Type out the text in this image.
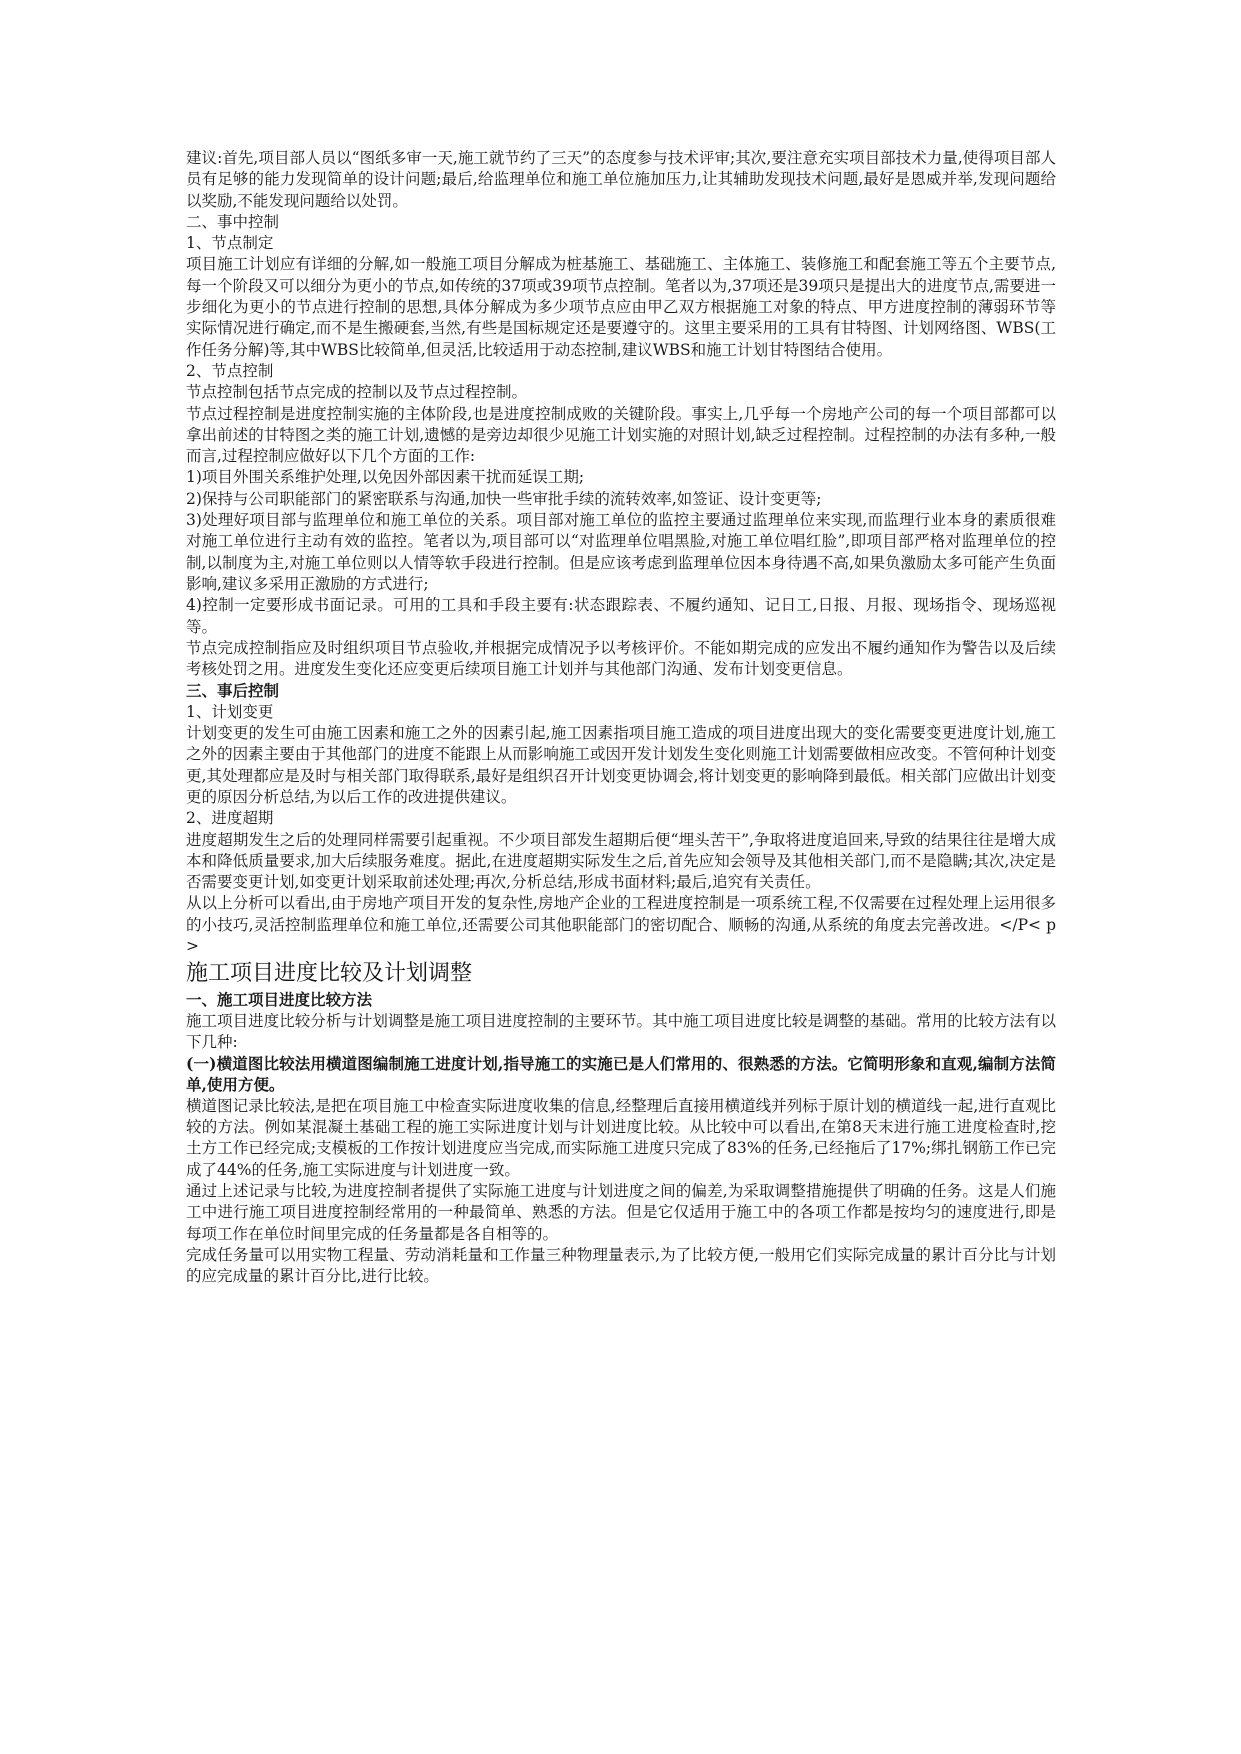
建议:首先,项目部人员以“图纸多审一天,施工就节约了三天”的态度参与技术评审;其次,要注意充实项目部技术力量,使得项目部人员有足够的能力发现简单的设计问题;最后,给监理单位和施工单位施加压力,让其辅助发现技术问题,最好是恩威并举,发现问题给以奖励,不能发现问题给以处罚。

二、事中控制

1、节点制定

项目施工计划应有详细的分解,如一般施工项目分解成为桩基施工、基础施工、主体施工、装修施工和配套施工等五个主要节点,每一个阶段又可以细分为更小的节点,如传统的37项或39项节点控制。笔者以为,37项还是39项只是提出大的进度节点,需要进一步细化为更小的节点进行控制的思想,具体分解成为多少项节点应由甲乙双方根据施工对象的特点、甲方进度控制的薄弱环节等实际情况进行确定,而不是生搬硬套,当然,有些是国标规定还是要遵守的。这里主要采用的工具有甘特图、计划网络图、WBS(工作任务分解)等,其中WBS比较简单,但灵活,比较适用于动态控制,建议WBS和施工计划甘特图结合使用。

2、节点控制

节点控制包括节点完成的控制以及节点过程控制。

节点过程控制是进度控制实施的主体阶段,也是进度控制成败的关键阶段。事实上,几乎每一个房地产公司的每一个项目部都可以拿出前述的甘特图之类的施工计划,遗憾的是旁边却很少见施工计划实施的对照计划,缺乏过程控制。过程控制的办法有多种,一般而言,过程控制应做好以下几个方面的工作:

1)项目外围关系维护处理,以免因外部因素干扰而延误工期;

2)保持与公司职能部门的紧密联系与沟通,加快一些审批手续的流转效率,如签证、设计变更等;

3)处理好项目部与监理单位和施工单位的关系。项目部对施工单位的监控主要通过监理单位来实现,而监理行业本身的素质很难对施工单位进行主动有效的监控。笔者以为,项目部可以“对监理单位唱黑脸,对施工单位唱红脸”,即项目部严格对监理单位的控制,以制度为主,对施工单位则以人情等软手段进行控制。但是应该考虑到监理单位因本身待遇不高,如果负激励太多可能产生负面影响,建议多采用正激励的方式进行;

4)控制一定要形成书面记录。可用的工具和手段主要有:状态跟踪表、不履约通知、记日工,日报、月报、现场指令、现场巡视等。

节点完成控制指应及时组织项目节点验收,并根据完成情况予以考核评价。不能如期完成的应发出不履约通知作为警告以及后续考核处罚之用。进度发生变化还应变更后续项目施工计划并与其他部门沟通、发布计划变更信息。

三、事后控制

1、计划变更

计划变更的发生可由施工因素和施工之外的因素引起,施工因素指项目施工造成的项目进度出现大的变化需要变更进度计划,施工之外的因素主要由于其他部门的进度不能跟上从而影响施工或因开发计划发生变化则施工计划需要做相应改变。不管何种计划变更,其处理都应是及时与相关部门取得联系,最好是组织召开计划变更协调会,将计划变更的影响降到最低。相关部门应做出计划变更的原因分析总结,为以后工作的改进提供建议。

2、进度超期

进度超期发生之后的处理同样需要引起重视。不少项目部发生超期后便“埋头苦干”,争取将进度追回来,导致的结果往往是增大成本和降低质量要求,加大后续服务难度。据此,在进度超期实际发生之后,首先应知会领导及其他相关部门,而不是隐瞒;其次,决定是否需要变更计划,如变更计划采取前述处理;再次,分析总结,形成书面材料;最后,追究有关责任。

从以上分析可以看出,由于房地产项目开发的复杂性,房地产企业的工程进度控制是一项系统工程,不仅需要在过程处理上运用很多的小技巧,灵活控制监理单位和施工单位,还需要公司其他职能部门的密切配合、顺畅的沟通,从系统的角度去完善改进。</P< p>

施工项目进度比较及计划调整

一、施工项目进度比较方法

施工项目进度比较分析与计划调整是施工项目进度控制的主要环节。其中施工项目进度比较是调整的基础。常用的比较方法有以下几种:

(一)横道图比较法用横道图编制施工进度计划,指导施工的实施已是人们常用的、很熟悉的方法。它简明形象和直观,编制方法简单,使用方便。

横道图记录比较法,是把在项目施工中检查实际进度收集的信息,经整理后直接用横道线并列标于原计划的横道线一起,进行直观比较的方法。例如某混凝土基础工程的施工实际进度计划与计划进度比较。从比较中可以看出,在第8天末进行施工进度检查时,挖土方工作已经完成;支模板的工作按计划进度应当完成,而实际施工进度只完成了83%的任务,已经拖后了17%;绑扎钢筋工作已完成了44%的任务,施工实际进度与计划进度一致。

通过上述记录与比较,为进度控制者提供了实际施工进度与计划进度之间的偏差,为采取调整措施提供了明确的任务。这是人们施工中进行施工项目进度控制经常用的一种最简单、熟悉的方法。但是它仅适用于施工中的各项工作都是按均匀的速度进行,即是每项工作在单位时间里完成的任务量都是各自相等的。

完成任务量可以用实物工程量、劳动消耗量和工作量三种物理量表示,为了比较方便,一般用它们实际完成量的累计百分比与计划的应完成量的累计百分比,进行比较。
